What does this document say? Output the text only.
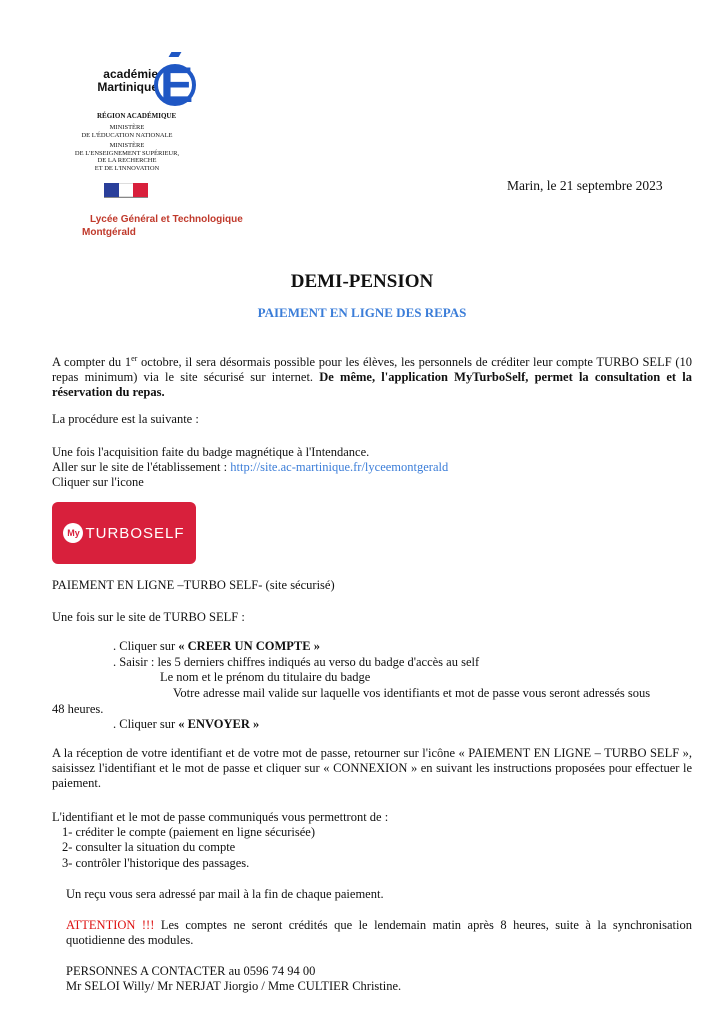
académie
Martinique E
RÉGION ACADÉMIQUE
MINISTÈRE
DE L'ÉDUCATION NATIONALE
MINISTÈRE
DE L'ENSEIGNEMENT SUPÉRIEUR,
DE LA RECHERCHE
ET DE L'INNOVATION
Lycée Général et Technologique
Montgérald
Marin, le 21 septembre 2023
DEMI-PENSION
PAIEMENT EN LIGNE DES REPAS
A compter du 1er octobre, il sera désormais possible pour les élèves, les personnels de créditer leur compte TURBO SELF (10 repas minimum) via le site sécurisé sur internet. De même, l'application MyTurboSelf, permet la consultation et la réservation du repas.
La procédure est la suivante :
Une fois l'acquisition faite du badge magnétique à l'Intendance.
Aller sur le site de l'établissement : http://site.ac-martinique.fr/lyceemontgerald
Cliquer sur l'icone
My TURBOSELF
PAIEMENT EN LIGNE –TURBO SELF- (site sécurisé)
Une fois sur le site de TURBO SELF :
. Cliquer sur « CREER UN COMPTE »
. Saisir : les 5 derniers chiffres indiqués au verso du badge d'accès au self
Le nom et le prénom du titulaire du badge
Votre adresse mail valide sur laquelle vos identifiants et mot de passe vous seront adressés sous
48 heures.
. Cliquer sur « ENVOYER »
A la réception de votre identifiant et de votre mot de passe, retourner sur l'icône « PAIEMENT EN LIGNE – TURBO SELF », saisissez l'identifiant et le mot de passe et cliquer sur « CONNEXION » en suivant les instructions proposées pour effectuer le paiement.
L'identifiant et le mot de passe communiqués vous permettront de :
1- créditer le compte (paiement en ligne sécurisée)
2- consulter la situation du compte
3- contrôler l'historique des passages.
Un reçu vous sera adressé par mail à la fin de chaque paiement.
ATTENTION !!! Les comptes ne seront crédités que le lendemain matin après 8 heures, suite à la synchronisation quotidienne des modules.
PERSONNES A CONTACTER au 0596 74 94 00
Mr SELOI Willy/ Mr NERJAT Jiorgio / Mme CULTIER Christine.
